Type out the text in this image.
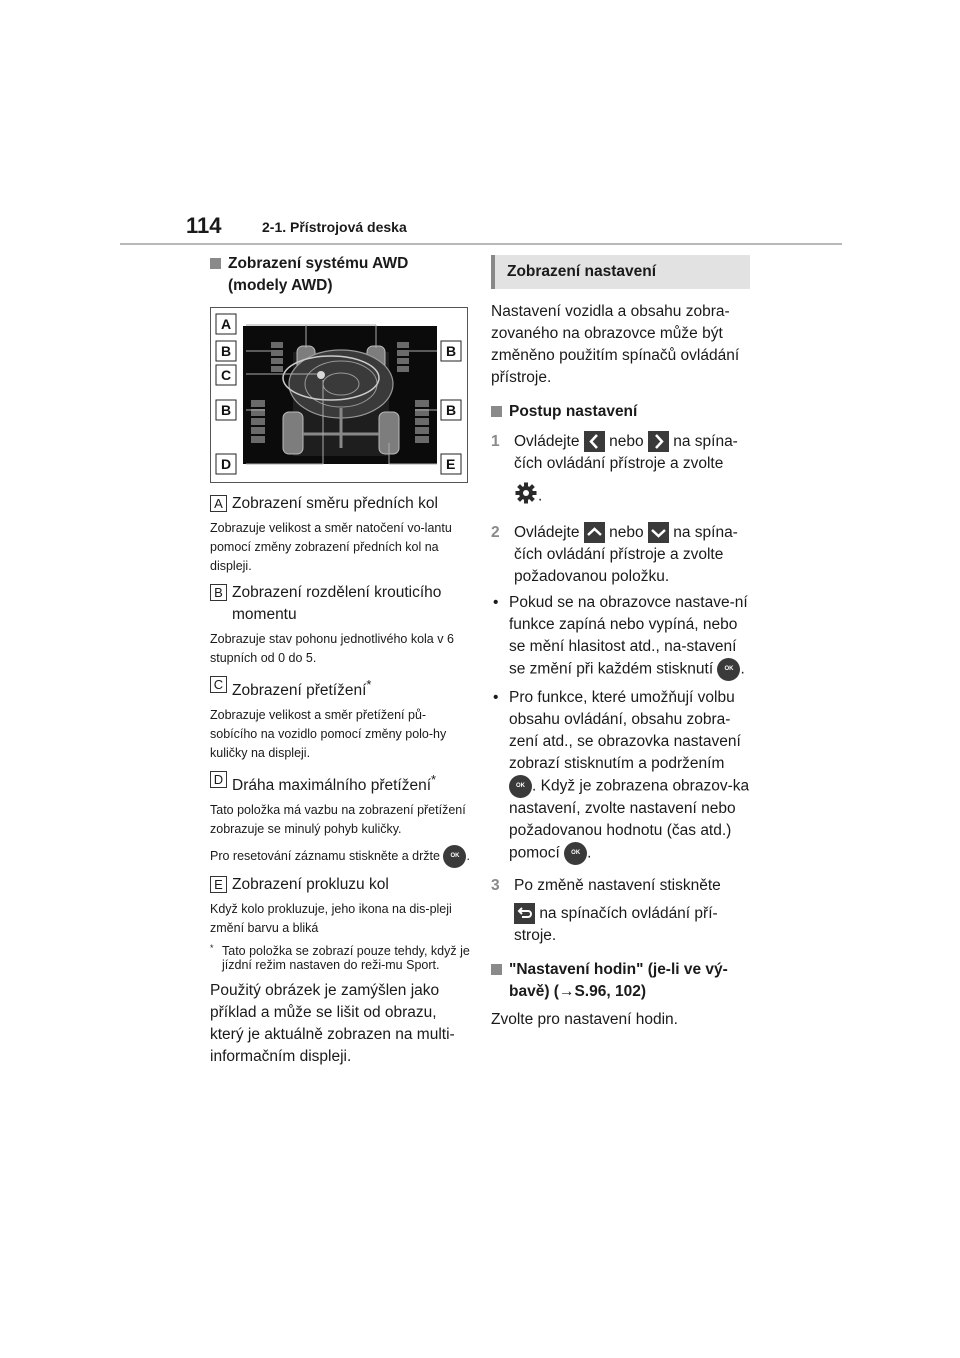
114	2-1. Přístrojová deska
Zobrazení systému AWD
(modely AWD)
A
B	B
C
B	B
D	E
A Zobrazení směru předních kol
Zobrazuje velikost a směr natočení vo-lantu pomocí změny zobrazení předních kol na displeji.
B Zobrazení rozdělení krouticího momentu
Zobrazuje stav pohonu jednotlivého kola v 6 stupních od 0 do 5.
C Zobrazení přetížení*
Zobrazuje velikost a směr přetížení pů-sobícího na vozidlo pomocí změny polo-hy kuličky na displeji.
D Dráha maximálního přetížení*
Tato položka má vazbu na zobrazení přetížení zobrazuje se minulý pohyb kuličky.
Pro resetování záznamu stiskněte a držte OK .
E Zobrazení prokluzu kol
Když kolo prokluzuje, jeho ikona na dis-pleji změní barvu a bliká
* Tato položka se zobrazí pouze tehdy, když je jízdní režim nastaven do reži-mu Sport.
Použitý obrázek je zamýšlen jako příklad a může se lišit od obrazu, který je aktuálně zobrazen na multi-informačním displeji.
Zobrazení nastavení
Nastavení vozidla a obsahu zobra-zovaného na obrazovce může být změněno použitím spínačů ovládání přístroje.
Postup nastavení
1 Ovládejte nebo na spína-čích ovládání přístroje a zvolte
.
2 Ovládejte nebo na spína-čích ovládání přístroje a zvolte požadovanou položku.
• Pokud se na obrazovce nastave-ní funkce zapíná nebo vypíná, nebo se mění hlasitost atd., na-stavení se změní při každém stisknutí OK .
• Pro funkce, které umožňují volbu obsahu ovládání, obsahu zobra-zení atd., se obrazovka nastavení zobrazí stisknutím a podržením OK . Když je zobrazena obrazov-ka nastavení, zvolte nastavení nebo požadovanou hodnotu (čas atd.) pomocí OK .
3 Po změně nastavení stiskněte
na spínačích ovládání pří-stroje.
"Nastavení hodin" (je-li ve vý-bavě) (→S.96, 102)
Zvolte pro nastavení hodin.
